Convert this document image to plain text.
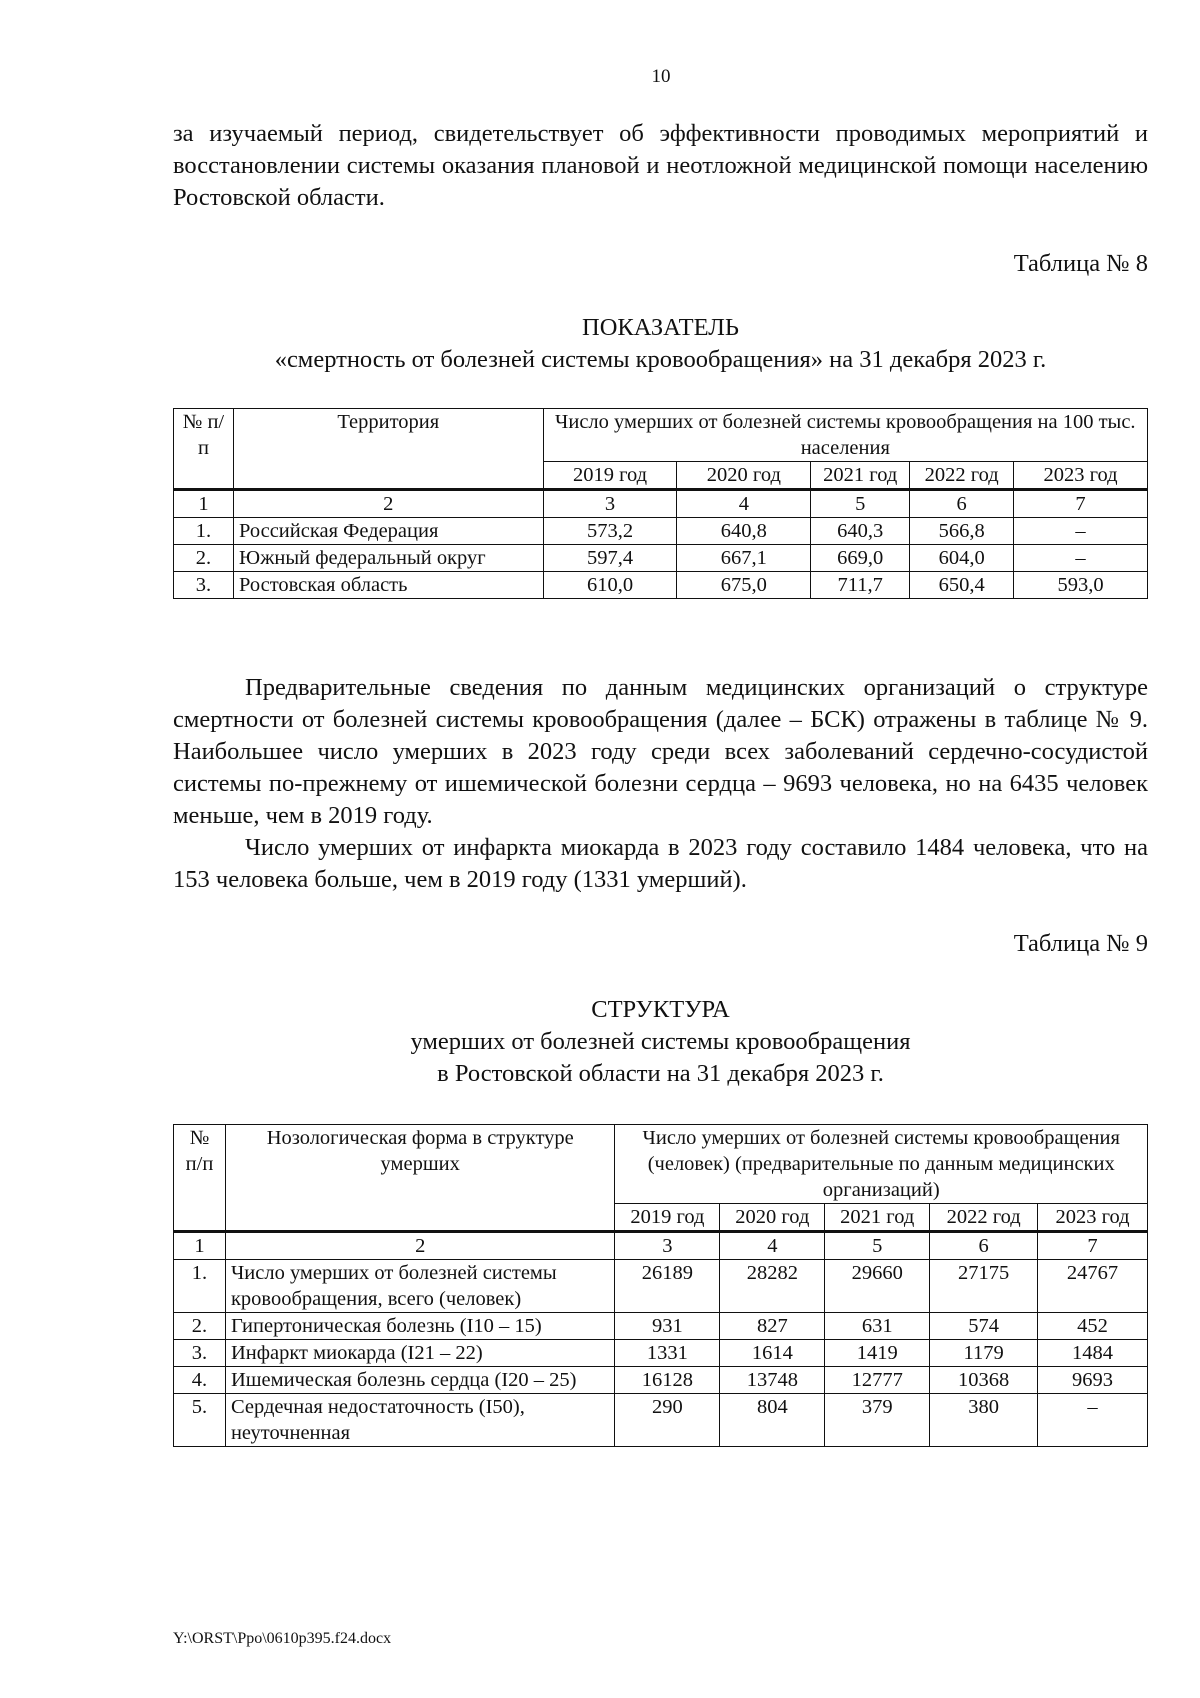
10

за изучаемый период, свидетельствует об эффективности проводимых мероприятий и восстановлении системы оказания плановой и неотложной медицинской помощи населению Ростовской области.

Таблица № 8
ПОКАЗАТЕЛЬ
«смертность от болезней системы кровообращения» на 31 декабря 2023 г.
№ п/п	Территория	Число умерших от болезней системы кровообращения на 100 тыс. населения				
		2019 год	2020 год	2021 год	2022 год	2023 год
1	2	3	4	5	6	7
1.	Российская Федерация	573,2	640,8	640,3	566,8	–
2.	Южный федеральный округ	597,4	667,1	669,0	604,0	–
3.	Ростовская область	610,0	675,0	711,7	650,4	593,0

Предварительные сведения по данным медицинских организаций о структуре смертности от болезней системы кровообращения (далее – БСК) отражены в таблице № 9. Наибольшее число умерших в 2023 году среди всех заболеваний сердечно-сосудистой системы по-прежнему от ишемической болезни сердца – 9693 человека, но на 6435 человек меньше, чем в 2019 году.

Число умерших от инфаркта миокарда в 2023 году составило 1484 человека, что на 153 человека больше, чем в 2019 году (1331 умерший).

Таблица № 9
СТРУКТУРА
умерших от болезней системы кровообращения
в Ростовской области на 31 декабря 2023 г.
№ п/п	Нозологическая форма в структуре умерших	Число умерших от болезней системы кровообращения (человек) (предварительные по данным медицинских организаций)				
		2019 год	2020 год	2021 год	2022 год	2023 год
1	2	3	4	5	6	7
1.	Число умерших от болезней системы кровообращения, всего (человек)	26189	28282	29660	27175	24767
2.	Гипертоническая болезнь (I10 – 15)	931	827	631	574	452
3.	Инфаркт миокарда (I21 – 22)	1331	1614	1419	1179	1484
4.	Ишемическая болезнь сердца (I20 – 25)	16128	13748	12777	10368	9693
5.	Сердечная недостаточность (I50), неуточненная	290	804	379	380	–
Y:\ORST\Ppo\0610p395.f24.docx
